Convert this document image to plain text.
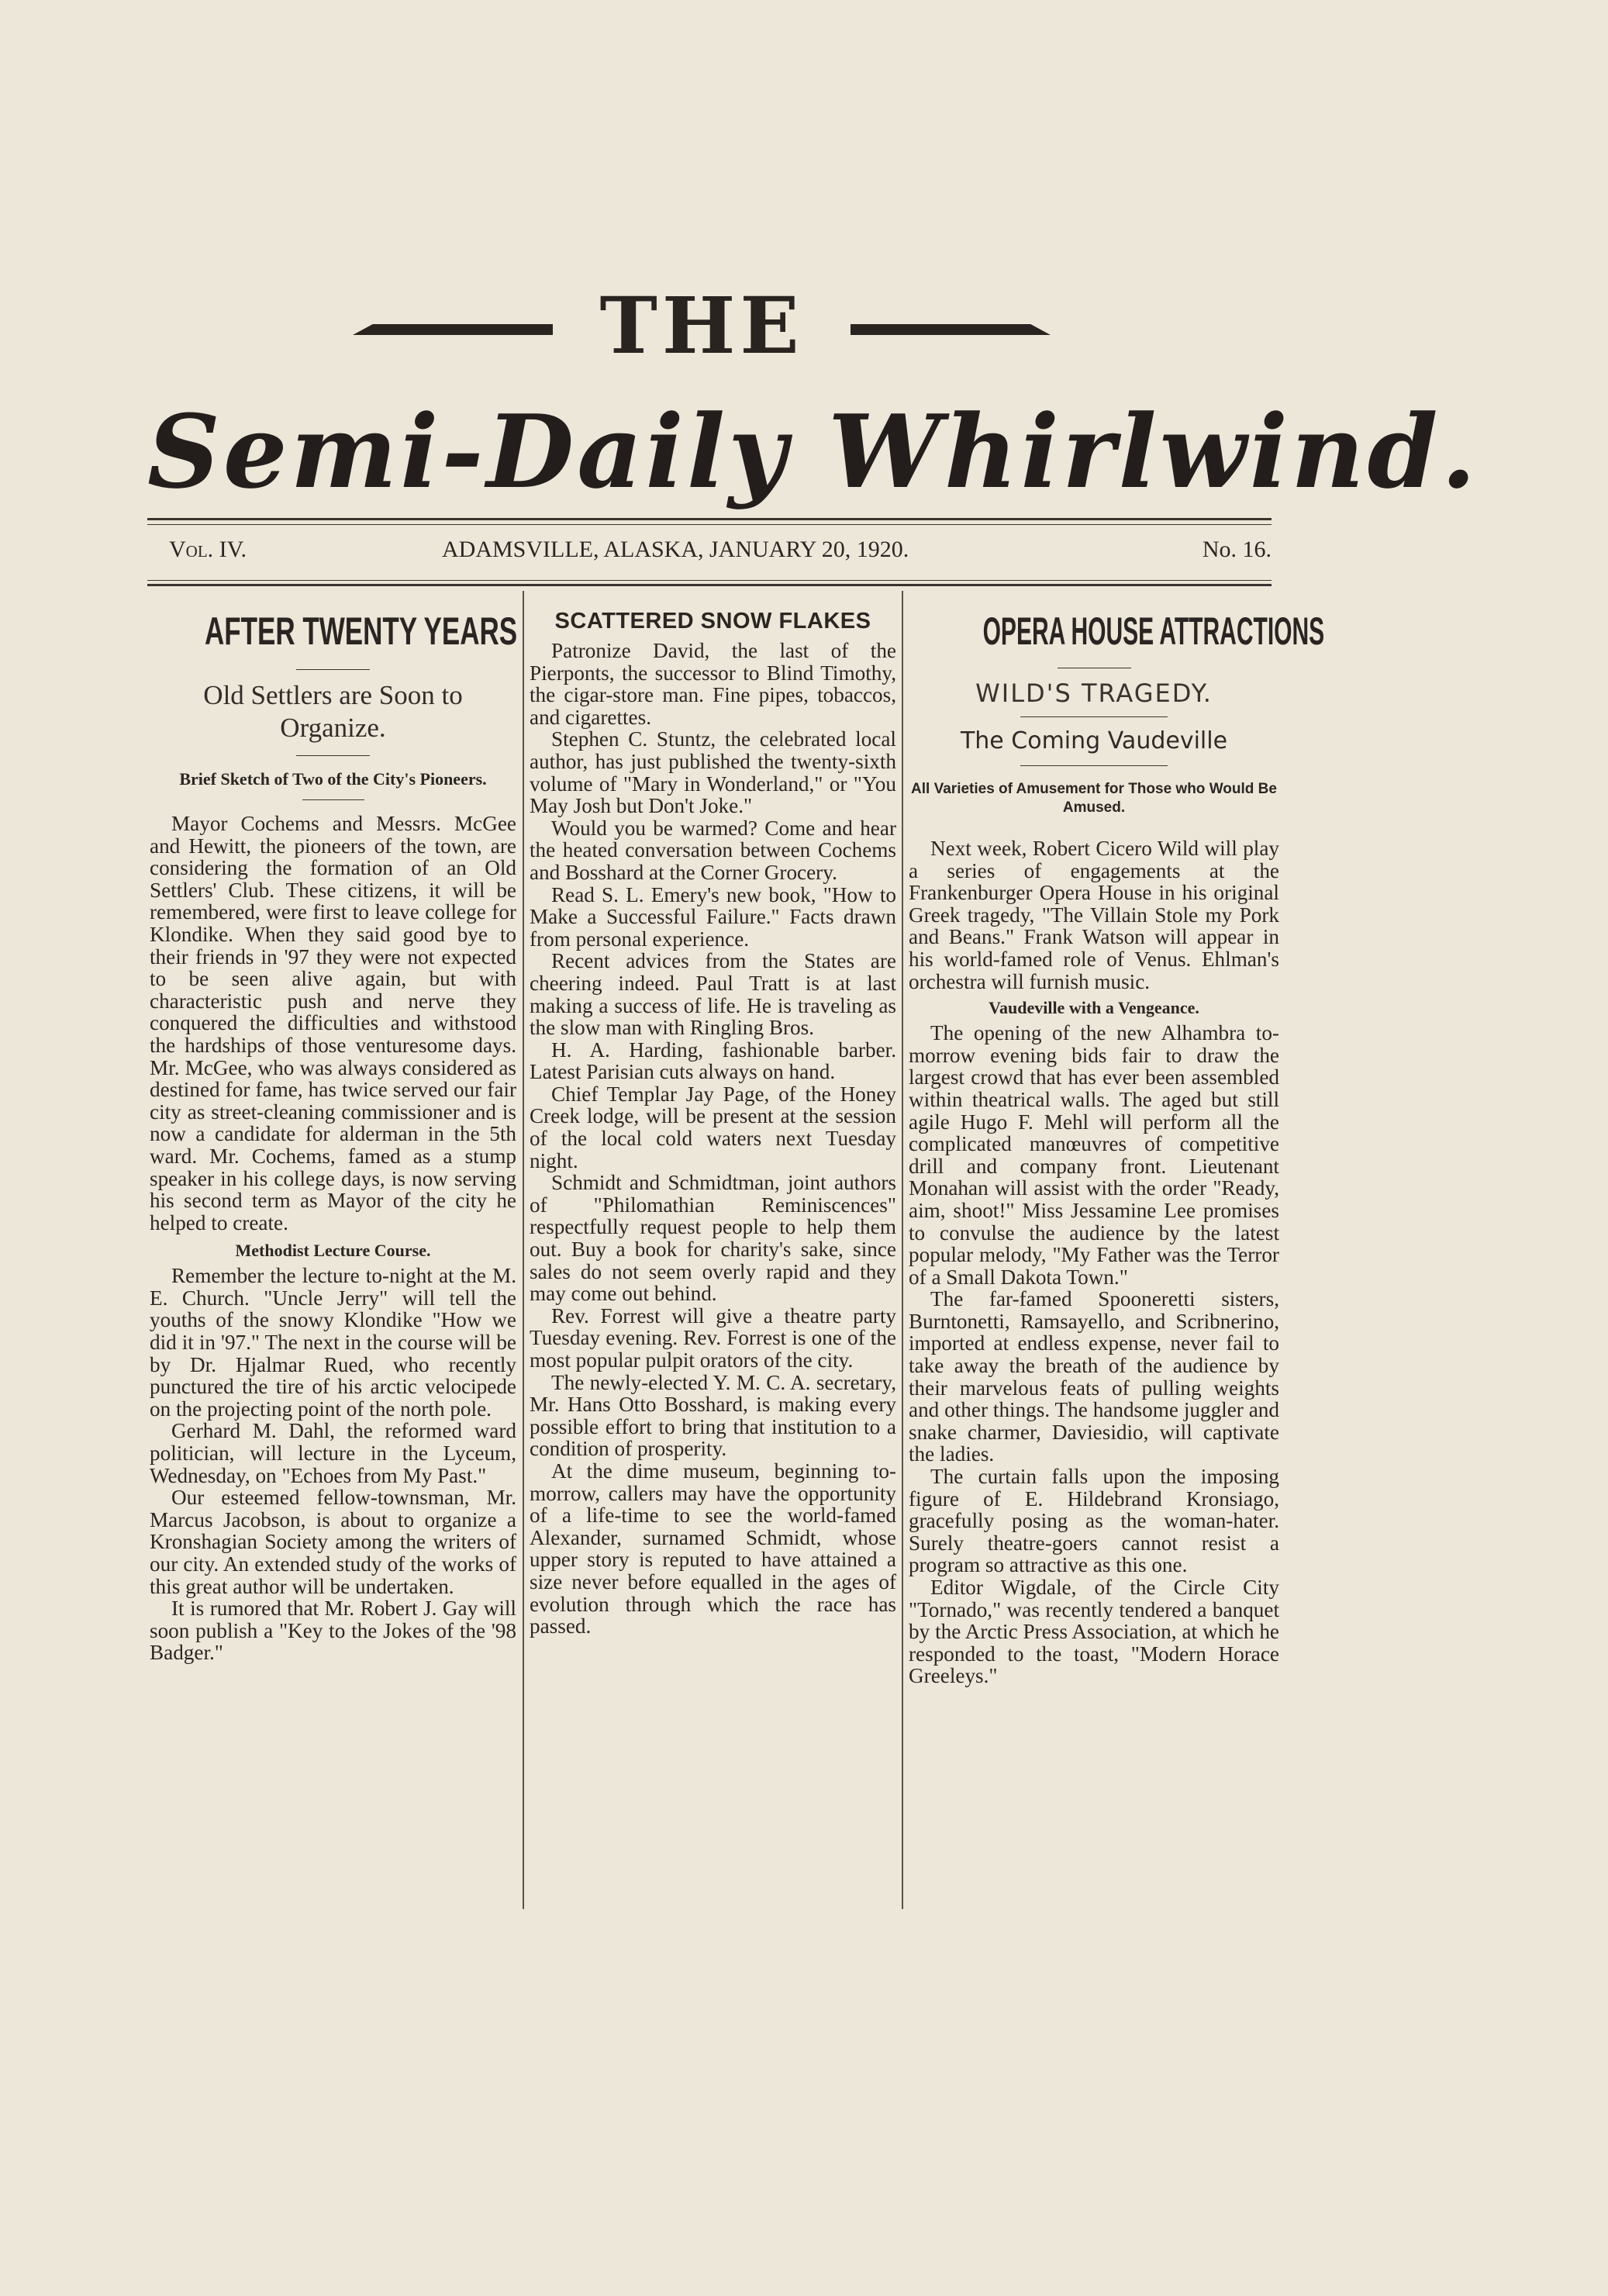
THE
Semi-Daily Whirlwind.
Vol. IV.	ADAMSVILLE, ALASKA, JANUARY 20, 1920.	No. 16.
AFTER TWENTY YEARS
Old Settlers are Soon to Organize.
Brief Sketch of Two of the City's Pioneers.

Mayor Cochems and Messrs. McGee and Hewitt, the pioneers of the town, are considering the formation of an Old Settlers' Club. These citizens, it will be remembered, were first to leave college for Klondike. When they said good bye to their friends in '97 they were not expected to be seen alive again, but with characteristic push and nerve they conquered the difficulties and withstood the hardships of those venturesome days. Mr. McGee, who was always considered as destined for fame, has twice served our fair city as street-cleaning commissioner and is now a candidate for alderman in the 5th ward. Mr. Cochems, famed as a stump speaker in his college days, is now serving his second term as Mayor of the city he helped to create.

Methodist Lecture Course.

Remember the lecture to-night at the M. E. Church. "Uncle Jerry" will tell the youths of the snowy Klondike "How we did it in '97." The next in the course will be by Dr. Hjalmar Rued, who recently punctured the tire of his arctic velocipede on the projecting point of the north pole.

Gerhard M. Dahl, the reformed ward politician, will lecture in the Lyceum, Wednesday, on "Echoes from My Past."

Our esteemed fellow-townsman, Mr. Marcus Jacobson, is about to organize a Kronshagian Society among the writers of our city. An extended study of the works of this great author will be undertaken.

It is rumored that Mr. Robert J. Gay will soon publish a "Key to the Jokes of the '98 Badger."

SCATTERED SNOW FLAKES

Patronize David, the last of the Pierponts, the successor to Blind Timothy, the cigar-store man. Fine pipes, tobaccos, and cigarettes.

Stephen C. Stuntz, the celebrated local author, has just published the twenty-sixth volume of "Mary in Wonderland," or "You May Josh but Don't Joke."

Would you be warmed? Come and hear the heated conversation between Cochems and Bosshard at the Corner Grocery.

Read S. L. Emery's new book, "How to Make a Successful Failure." Facts drawn from personal experience.

Recent advices from the States are cheering indeed. Paul Tratt is at last making a success of life. He is traveling as the slow man with Ringling Bros.

H. A. Harding, fashionable barber. Latest Parisian cuts always on hand.

Chief Templar Jay Page, of the Honey Creek lodge, will be present at the session of the local cold waters next Tuesday night.

Schmidt and Schmidtman, joint authors of "Philomathian Reminiscences" respectfully request people to help them out. Buy a book for charity's sake, since sales do not seem overly rapid and they may come out behind.

Rev. Forrest will give a theatre party Tuesday evening. Rev. Forrest is one of the most popular pulpit orators of the city.

The newly-elected Y. M. C. A. secretary, Mr. Hans Otto Bosshard, is making every possible effort to bring that institution to a condition of prosperity.

At the dime museum, beginning to-morrow, callers may have the opportunity of a life-time to see the world-famed Alexander, surnamed Schmidt, whose upper story is reputed to have attained a size never before equalled in the ages of evolution through which the race has passed.

OPERA HOUSE ATTRACTIONS
WILD'S TRAGEDY.
The Coming Vaudeville
All Varieties of Amusement for Those who Would Be Amused.

Next week, Robert Cicero Wild will play a series of engagements at the Frankenburger Opera House in his original Greek tragedy, "The Villain Stole my Pork and Beans." Frank Watson will appear in his world-famed role of Venus. Ehlman's orchestra will furnish music.

Vaudeville with a Vengeance.

The opening of the new Alhambra to-morrow evening bids fair to draw the largest crowd that has ever been assembled within theatrical walls. The aged but still agile Hugo F. Mehl will perform all the complicated manœuvres of competitive drill and company front. Lieutenant Monahan will assist with the order "Ready, aim, shoot!" Miss Jessamine Lee promises to convulse the audience by the latest popular melody, "My Father was the Terror of a Small Dakota Town."

The far-famed Spooneretti sisters, Burntonetti, Ramsayello, and Scribnerino, imported at endless expense, never fail to take away the breath of the audience by their marvelous feats of pulling weights and other things. The handsome juggler and snake charmer, Daviesidio, will captivate the ladies.

The curtain falls upon the imposing figure of E. Hildebrand Kronsiago, gracefully posing as the woman-hater. Surely theatre-goers cannot resist a program so attractive as this one.

Editor Wigdale, of the Circle City "Tornado," was recently tendered a banquet by the Arctic Press Association, at which he responded to the toast, "Modern Horace Greeleys."
